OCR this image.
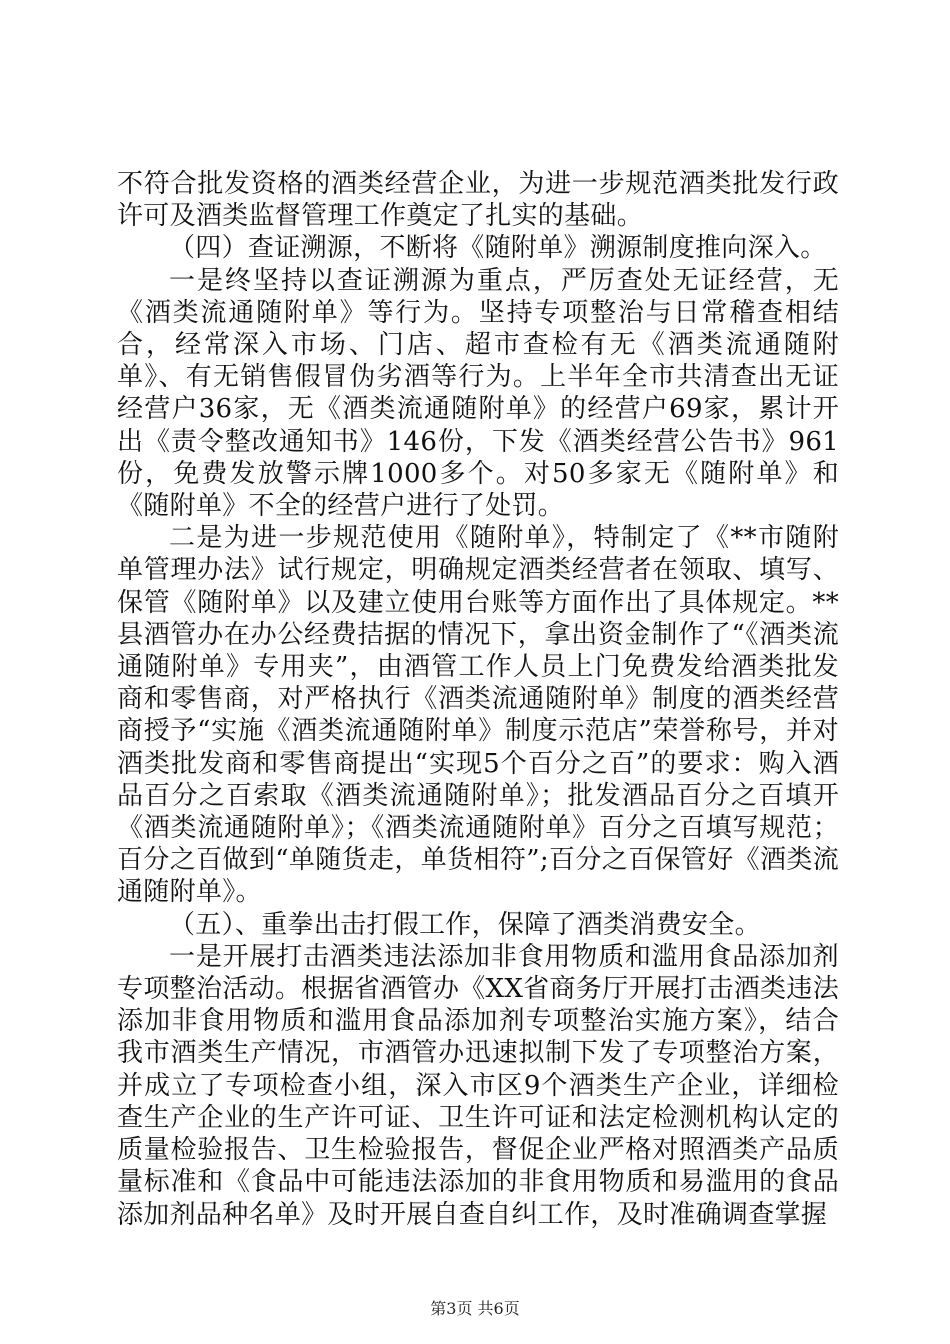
不符合批发资格的酒类经营企业，为进一步规范酒类批发行政许可及酒类监督管理工作奠定了扎实的基础。

（四）查证溯源，不断将《随附单》溯源制度推向深入。

一是终坚持以查证溯源为重点，严厉查处无证经营，无《酒类流通随附单》等行为。坚持专项整治与日常稽查相结合，经常深入市场、门店、超市查检有无《酒类流通随附单》、有无销售假冒伪劣酒等行为。上半年全市共清查出无证经营户36家，无《酒类流通随附单》的经营户69家，累计开出《责令整改通知书》146份，下发《酒类经营公告书》961份，免费发放警示牌1000多个。对50多家无《随附单》和《随附单》不全的经营户进行了处罚。

二是为进一步规范使用《随附单》，特制定了《**市随附单管理办法》试行规定，明确规定酒类经营者在领取、填写、保管《随附单》以及建立使用台账等方面作出了具体规定。**县酒管办在办公经费拮据的情况下，拿出资金制作了“《酒类流通随附单》专用夹”，由酒管工作人员上门免费发给酒类批发商和零售商，对严格执行《酒类流通随附单》制度的酒类经营商授予“实施《酒类流通随附单》制度示范店”荣誉称号，并对酒类批发商和零售商提出“实现5个百分之百”的要求：购入酒品百分之百索取《酒类流通随附单》；批发酒品百分之百填开《酒类流通随附单》；《酒类流通随附单》百分之百填写规范；百分之百做到“单随货走，单货相符”;百分之百保管好《酒类流通随附单》。

（五）、重拳出击打假工作，保障了酒类消费安全。

一是开展打击酒类违法添加非食用物质和滥用食品添加剂专项整治活动。根据省酒管办《XX省商务厅开展打击酒类违法添加非食用物质和滥用食品添加剂专项整治实施方案》，结合我市酒类生产情况，市酒管办迅速拟制下发了专项整治方案，并成立了专项检查小组，深入市区9个酒类生产企业，详细检查生产企业的生产许可证、卫生许可证和法定检测机构认定的质量检验报告、卫生检验报告，督促企业严格对照酒类产品质量标准和《食品中可能违法添加的非食用物质和易滥用的食品添加剂品种名单》及时开展自查自纠工作，及时准确调查掌握

第3页 共6页
